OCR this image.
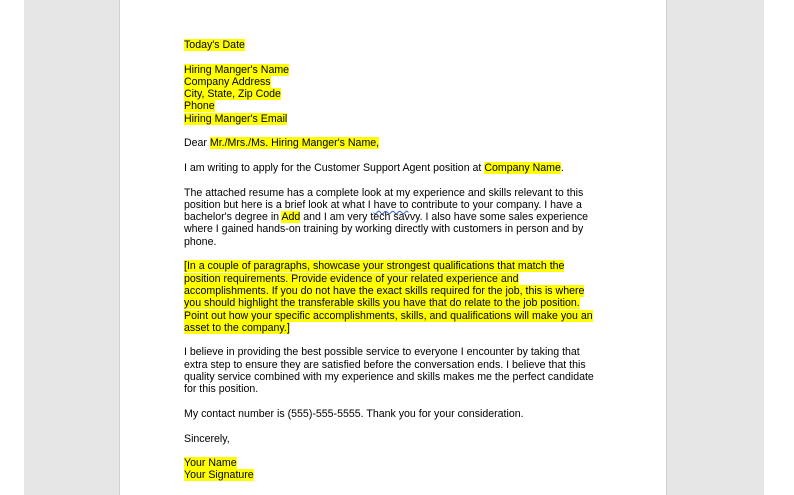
Today's Date

Hiring Manger's Name
Company Address
City, State, Zip Code
Phone
Hiring Manger's Email

Dear Mr./Mrs./Ms. Hiring Manger's Name,

I am writing to apply for the Customer Support Agent position at Company Name.

The attached resume has a complete look at my experience and skills relevant to this
position but here is a brief look at what I have to contribute to your company. I have a
bachelor's degree in Add and I am very tech savvy. I also have some sales experience
where I gained hands-on training by working directly with customers in person and by
phone.

[In a couple of paragraphs, showcase your strongest qualifications that match the
position requirements. Provide evidence of your related experience and
accomplishments. If you do not have the exact skills required for the job, this is where
you should highlight the transferable skills you have that do relate to the job position.
Point out how your specific accomplishments, skills, and qualifications will make you an
asset to the company.]

I believe in providing the best possible service to everyone I encounter by taking that
extra step to ensure they are satisfied before the conversation ends. I believe that this
quality service combined with my experience and skills makes me the perfect candidate
for this position.

My contact number is (555)-555-5555. Thank you for your consideration.

Sincerely,

Your Name
Your Signature
